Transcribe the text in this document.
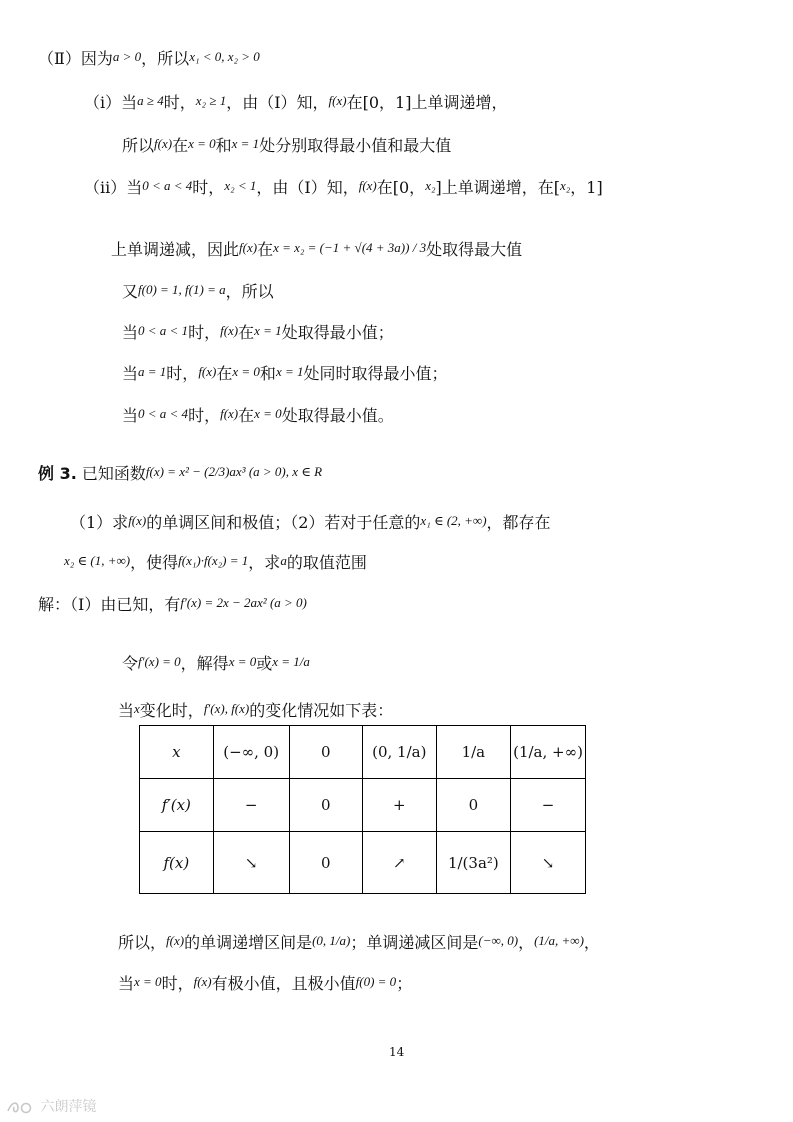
（Ⅱ）因为a > 0，所以x₁ < 0, x₂ > 0
（ⅰ）当a ≥ 4时，x₂ ≥ 1，由（Ⅰ）知，f(x)在[0，1]上单调递增，
所以f(x)在x = 0和x = 1处分别取得最小值和最大值
（ⅱ）当0 < a < 4时，x₂ < 1，由（Ⅰ）知，f(x)在[0，x₂]上单调递增，在[x₂，1]
上单调递减，因此f(x)在x = x₂ = (−1 + √(4 + 3a)) / 3处取得最大值
又f(0) = 1, f(1) = a，所以
当0 < a < 1时，f(x)在x = 1处取得最小值；
当a = 1时，f(x)在x = 0和x = 1处同时取得最小值；
当0 < a < 4时，f(x)在x = 0处取得最小值。
例 3. 已知函数f(x) = x² − (2/3)ax³ (a > 0), x ∈ R
（1）求f(x)的单调区间和极值；（2）若对于任意的x₁ ∈ (2, +∞)，都存在
x₂ ∈ (1, +∞)，使得f(x₁)·f(x₂) = 1，求a的取值范围
解：（Ⅰ）由已知，有f′(x) = 2x − 2ax² (a > 0)
令f′(x) = 0，解得x = 0或x = 1/a
当x变化时，f′(x), f(x)的变化情况如下表：
x	(−∞, 0)	0	(0, 1/a)	1/a	(1/a, +∞)
f′(x)	−	0	+	0	−
f(x)	↘	0	↗	1/(3a²)	↘
所以，f(x)的单调递增区间是(0, 1/a)；单调递减区间是(−∞, 0)，(1/a, +∞)，
当x = 0时，f(x)有极小值，且极小值f(0) = 0；
14
六朗萍镜
